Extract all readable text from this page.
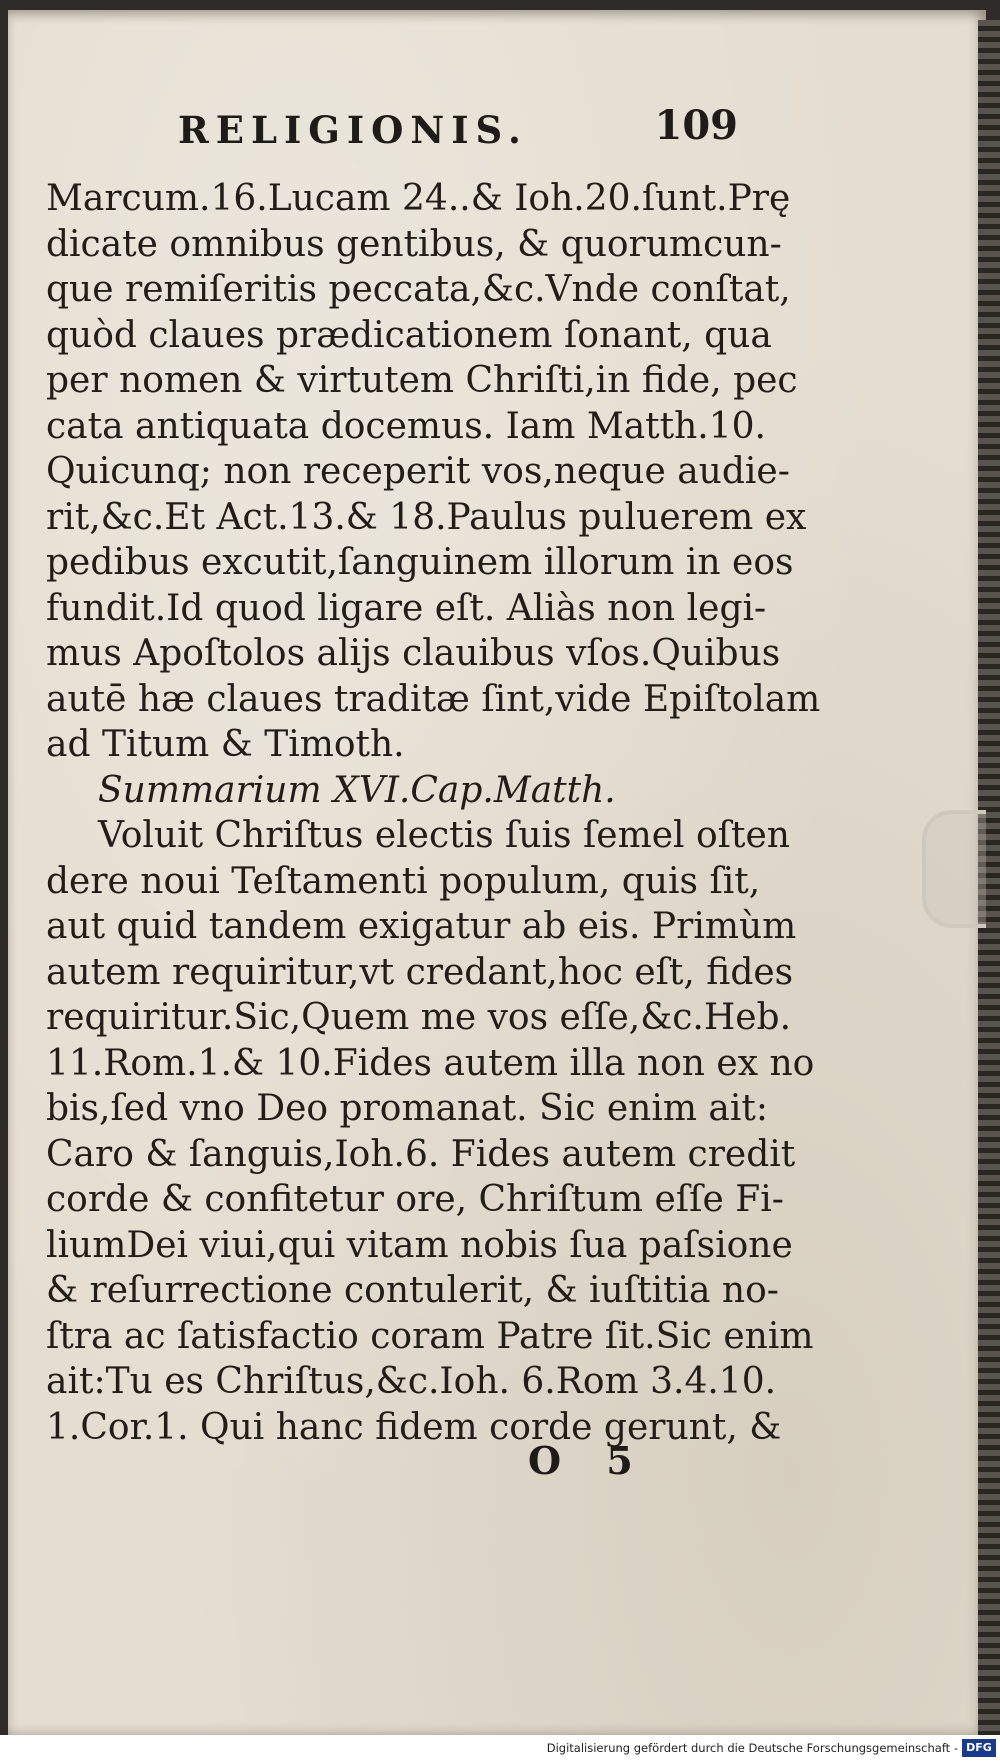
RELIGIONIS.	109

Marcum.16.Lucam 24..& Ioh.20.ſunt.Prę

dicate omnibus gentibus, & quorumcun-

que remiſeritis peccata,&c.Vnde conſtat,

quòd claues prædicationem ſonant, qua

per nomen & virtutem Chriſti,in fide, pec

cata antiquata docemus. Iam Matth.10.

Quicunq; non receperit vos,neque audie-

rit,&c.Et Act.13.& 18.Paulus puluerem ex

pedibus excutit,ſanguinem illorum in eos

fundit.Id quod ligare eſt. Aliàs non legi-

mus Apoſtolos alijs clauibus vſos.Quibus

autē hæ claues traditæ ſint,vide Epiſtolam

ad Titum & Timoth.

Summarium XVI.Cap.Matth.

Voluit Chriſtus electis ſuis ſemel oſten

dere noui Teſtamenti populum, quis ſit,

aut quid tandem exigatur ab eis. Primùm

autem requiritur,vt credant,hoc eſt, fides

requiritur.Sic,Quem me vos eſſe,&c.Heb.

11.Rom.1.& 10.Fides autem illa non ex no

bis,ſed vno Deo promanat. Sic enim ait:

Caro & ſanguis,Ioh.6. Fides autem credit

corde & confitetur ore, Chriſtum eſſe Fi-

liumDei viui,qui vitam nobis ſua paſsione

& reſurrectione contulerit, & iuſtitia no-

ſtra ac ſatisfactio coram Patre ſit.Sic enim

ait:Tu es Chriſtus,&c.Ioh. 6.Rom 3.4.10.

1.Cor.1. Qui hanc fidem corde gerunt, &

O 5
Digitalisierung gefördert durch die Deutsche Forschungsgemeinschaft - DFG
